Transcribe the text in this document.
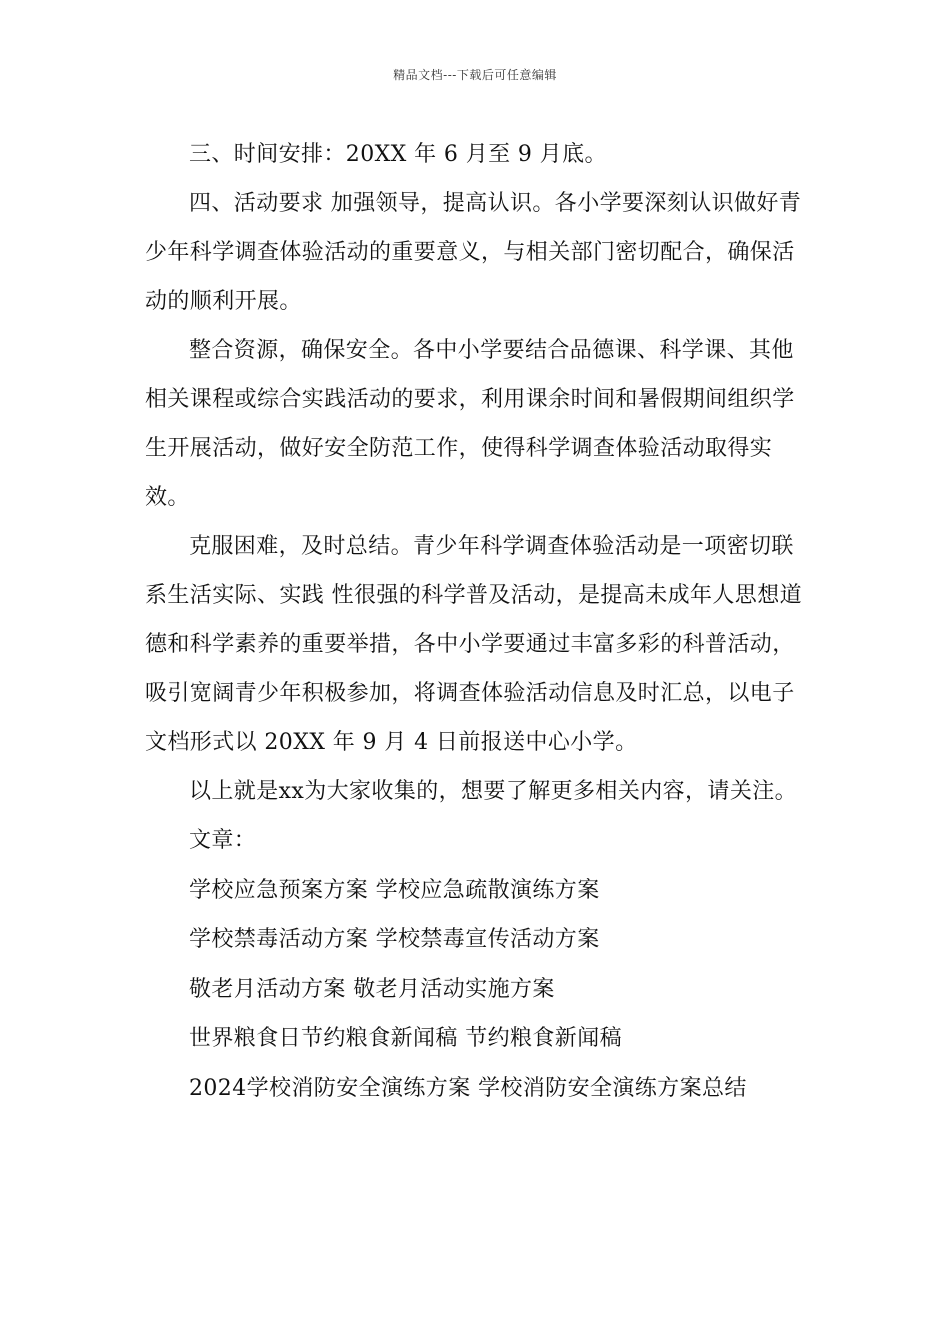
精品文档---下载后可任意编辑

三、时间安排：20XX 年 6 月至 9 月底。

四、活动要求 加强领导，提高认识。各小学要深刻认识做好青少年科学调查体验活动的重要意义，与相关部门密切配合，确保活动的顺利开展。

整合资源，确保安全。各中小学要结合品德课、科学课、其他相关课程或综合实践活动的要求，利用课余时间和暑假期间组织学生开展活动，做好安全防范工作，使得科学调查体验活动取得实效。

克服困难，及时总结。青少年科学调查体验活动是一项密切联系生活实际、实践 性很强的科学普及活动，是提高未成年人思想道德和科学素养的重要举措，各中小学要通过丰富多彩的科普活动，吸引宽阔青少年积极参加，将调查体验活动信息及时汇总，以电子文档形式以 20XX 年 9 月 4 日前报送中心小学。

以上就是xx为大家收集的，想要了解更多相关内容，请关注。

文章：

学校应急预案方案 学校应急疏散演练方案

学校禁毒活动方案 学校禁毒宣传活动方案

敬老月活动方案 敬老月活动实施方案

世界粮食日节约粮食新闻稿 节约粮食新闻稿

2024学校消防安全演练方案 学校消防安全演练方案总结
